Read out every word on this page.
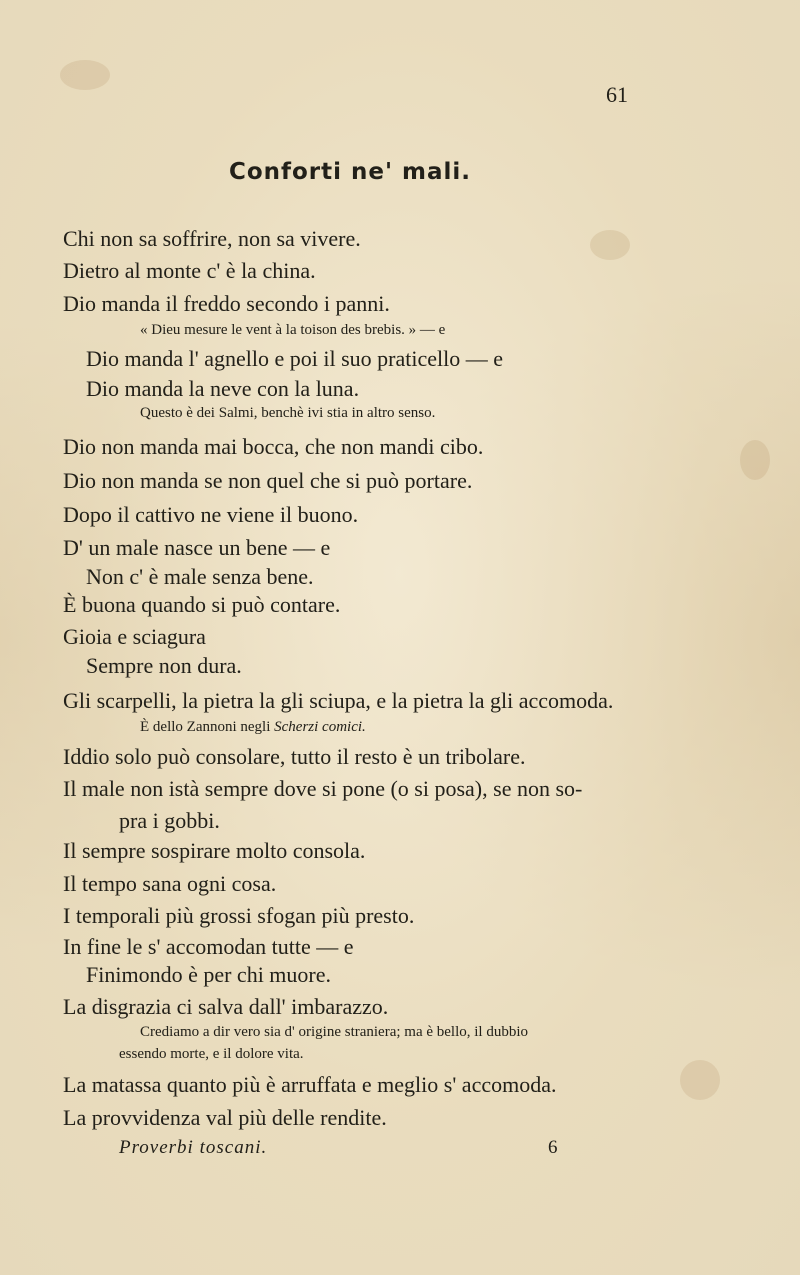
61
Conforti ne' mali.
Chi non sa soffrire, non sa vivere.
Dietro al monte c' è la china.
Dio manda il freddo secondo i panni.
« Dieu mesure le vent à la toison des brebis. » — e
Dio manda l' agnello e poi il suo praticello — e
Dio manda la neve con la luna.
Questo è dei Salmi, benchè ivi stia in altro senso.
Dio non manda mai bocca, che non mandi cibo.
Dio non manda se non quel che si può portare.
Dopo il cattivo ne viene il buono.
D' un male nasce un bene — e
Non c' è male senza bene.
È buona quando si può contare.
Gioia e sciagura
Sempre non dura.
Gli scarpelli, la pietra la gli sciupa, e la pietra la gli accomoda.
È dello Zannoni negli Scherzi comici.
Iddio solo può consolare, tutto il resto è un tribolare.
Il male non istà sempre dove si pone (o si posa), se non so-
pra i gobbi.
Il sempre sospirare molto consola.
Il tempo sana ogni cosa.
I temporali più grossi sfogan più presto.
In fine le s' accomodan tutte — e
Finimondo è per chi muore.
La disgrazia ci salva dall' imbarazzo.
Crediamo a dir vero sia d' origine straniera; ma è bello, il dubbio
essendo morte, e il dolore vita.
La matassa quanto più è arruffata e meglio s' accomoda.
La provvidenza val più delle rendite.
Proverbi toscani.	6
